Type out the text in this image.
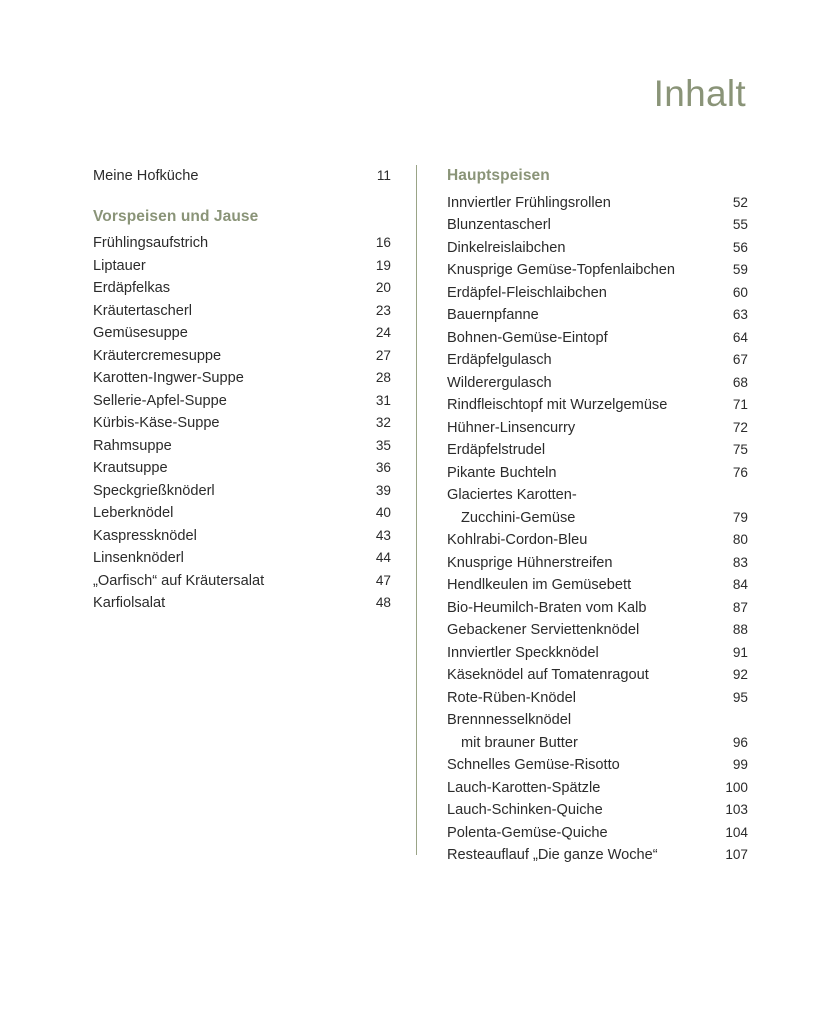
Inhalt
Meine Hofküche	11
Vorspeisen und Jause
Frühlingsaufstrich	16
Liptauer	19
Erdäpfelkas	20
Kräutertascherl	23
Gemüsesuppe	24
Kräutercremesuppe	27
Karotten-Ingwer-Suppe	28
Sellerie-Apfel-Suppe	31
Kürbis-Käse-Suppe	32
Rahmsuppe	35
Krautsuppe	36
Speckgrießknöderl	39
Leberknödel	40
Kaspressknödel	43
Linsenknöderl	44
„Oarfisch“ auf Kräutersalat	47
Karfiolsalat	48
Hauptspeisen
Innviertler Frühlingsrollen	52
Blunzentascherl	55
Dinkelreislaibchen	56
Knusprige Gemüse-Topfenlaibchen	59
Erdäpfel-Fleischlaibchen	60
Bauernpfanne	63
Bohnen-Gemüse-Eintopf	64
Erdäpfelgulasch	67
Wilderergulasch	68
Rindfleischtopf mit Wurzelgemüse	71
Hühner-Linsencurry	72
Erdäpfelstrudel	75
Pikante Buchteln	76
Glaciertes Karotten-
Zucchini-Gemüse	79
Kohlrabi-Cordon-Bleu	80
Knusprige Hühnerstreifen	83
Hendlkeulen im Gemüsebett	84
Bio-Heumilch-Braten vom Kalb	87
Gebackener Serviettenknödel	88
Innviertler Speckknödel	91
Käseknödel auf Tomatenragout	92
Rote-Rüben-Knödel	95
Brennnesselknödel
mit brauner Butter	96
Schnelles Gemüse-Risotto	99
Lauch-Karotten-Spätzle	100
Lauch-Schinken-Quiche	103
Polenta-Gemüse-Quiche	104
Resteauflauf „Die ganze Woche“	107
